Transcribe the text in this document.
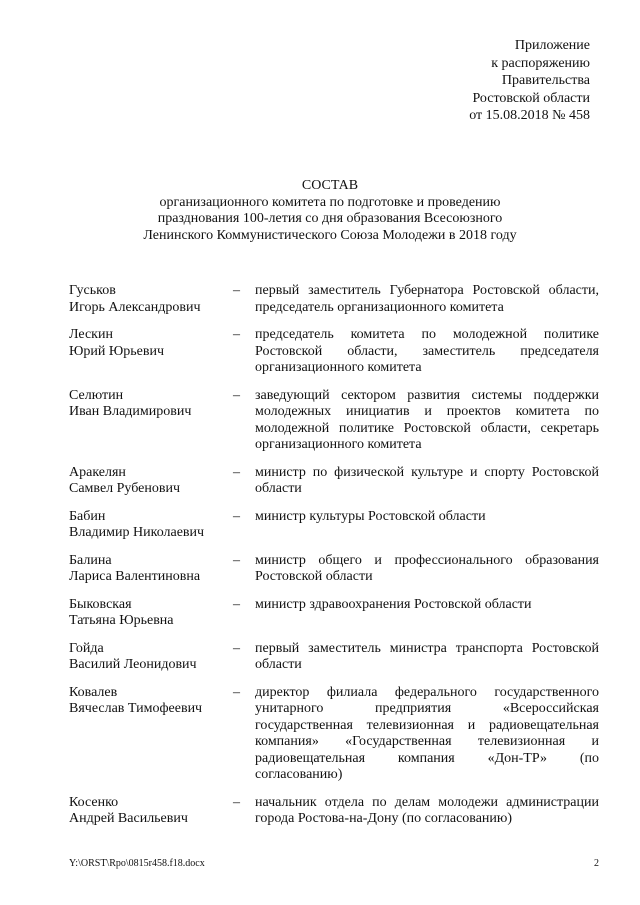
Приложение
к распоряжению
Правительства
Ростовской области
от 15.08.2018 № 458
СОСТАВ
организационного комитета по подготовке и проведению
празднования 100-летия со дня образования Всесоюзного
Ленинского Коммунистического Союза Молодежи в 2018 году
Гуськов
Игорь Александрович
–	первый заместитель Губернатора Ростовской области, председатель организационного комитета
Лескин
Юрий Юрьевич
–	председатель комитета по молодежной политике Ростовской области, заместитель председателя организационного комитета
Селютин
Иван Владимирович
–	заведующий сектором развития системы поддержки молодежных инициатив и проектов комитета по молодежной политике Ростовской области, секретарь организационного комитета
Аракелян
Самвел Рубенович
–	министр по физической культуре и спорту Ростовской области
Бабин
Владимир Николаевич
–	министр культуры Ростовской области
Балина
Лариса Валентиновна
–	министр общего и профессионального образования Ростовской области
Быковская
Татьяна Юрьевна
–	министр здравоохранения Ростовской области
Гойда
Василий Леонидович
–	первый заместитель министра транспорта Ростовской области
Ковалев
Вячеслав Тимофеевич
–	директор филиала федерального государственного унитарного предприятия «Всероссийская государственная телевизионная и радиовещательная компания» «Государственная телевизионная и радиовещательная компания «Дон-ТР» (по согласованию)
Косенко
Андрей Васильевич
–	начальник отдела по делам молодежи администрации города Ростова-на-Дону (по согласованию)
Y:\ORST\Rpo\0815r458.f18.docx	2
